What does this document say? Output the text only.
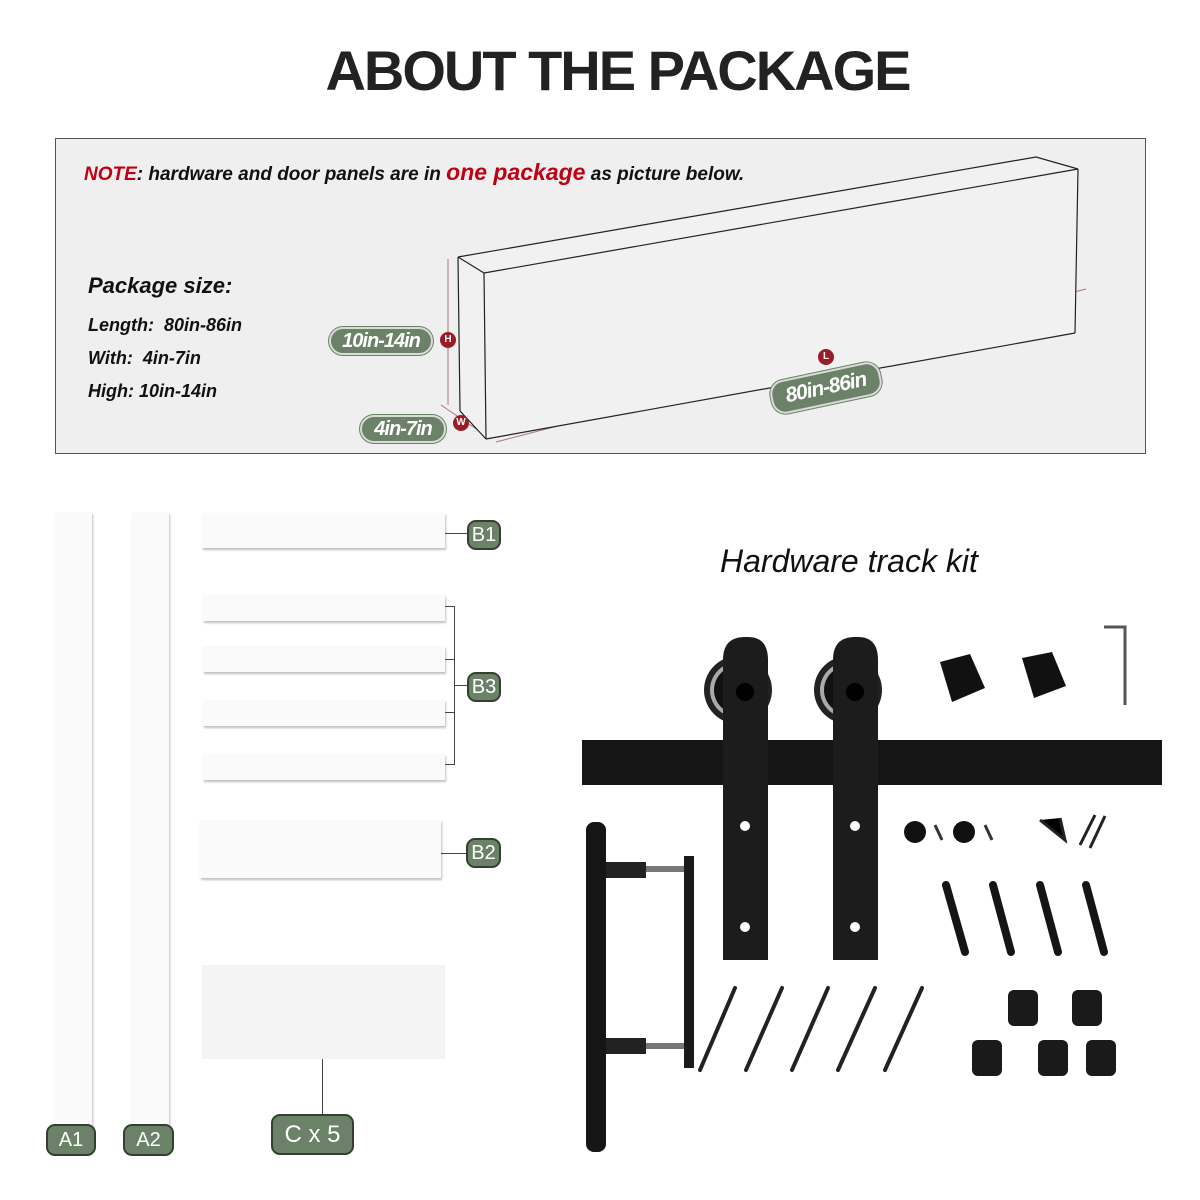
ABOUT THE PACKAGE
NOTE: hardware and door panels are in one package as picture below.
Package size:
Length: 80in-86in
With: 4in-7in
High: 10in-14in
H
W
L
10in-14in
4in-7in
80in-86in
A1	A2
B1
B3
B2
C x 5
Hardware track kit
